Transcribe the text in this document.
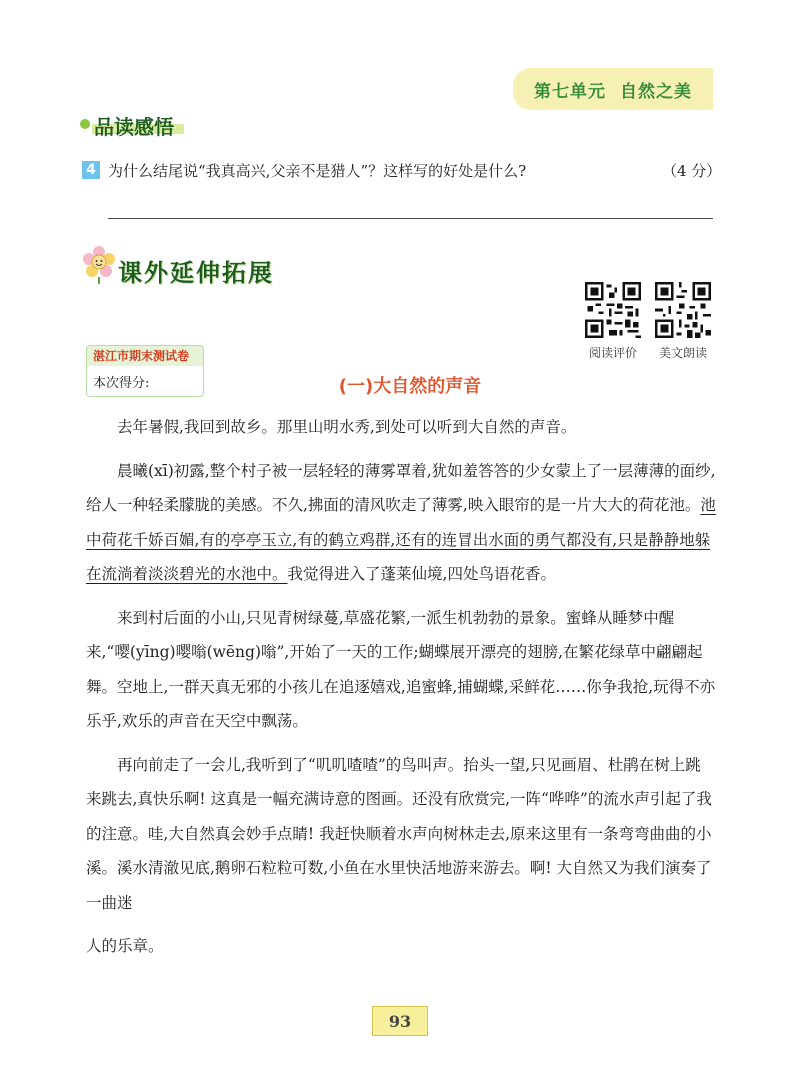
第七单元 自然之美
品读感悟
4 为什么结尾说“我真高兴,父亲不是猎人”？这样写的好处是什么?	（4 分）
课外延伸拓展
阅读评价	美文朗读
湛江市期末测试卷
本次得分:	(一)大自然的声音

去年暑假,我回到故乡。那里山明水秀,到处可以听到大自然的声音。

晨曦(xī)初露,整个村子被一层轻轻的薄雾罩着,犹如羞答答的少女蒙上了一层薄薄的面纱,给人一种轻柔朦胧的美感。不久,拂面的清风吹走了薄雾,映入眼帘的是一片大大的荷花池。池中荷花千娇百媚,有的亭亭玉立,有的鹤立鸡群,还有的连冒出水面的勇气都没有,只是静静地躲在流淌着淡淡碧光的水池中。我觉得进入了蓬莱仙境,四处鸟语花香。

来到村后面的小山,只见青树绿蔓,草盛花繁,一派生机勃勃的景象。蜜蜂从睡梦中醒来,“嘤(yīng)嘤嗡(wēng)嗡”,开始了一天的工作;蝴蝶展开漂亮的翅膀,在繁花绿草中翩翩起舞。空地上,一群天真无邪的小孩儿在追逐嬉戏,追蜜蜂,捕蝴蝶,采鲜花……你争我抢,玩得不亦乐乎,欢乐的声音在天空中飘荡。

再向前走了一会儿,我听到了“叽叽喳喳”的鸟叫声。抬头一望,只见画眉、杜鹃在树上跳来跳去,真快乐啊! 这真是一幅充满诗意的图画。还没有欣赏完,一阵“哗哗”的流水声引起了我的注意。哇,大自然真会妙手点睛! 我赶快顺着水声向树林走去,原来这里有一条弯弯曲曲的小溪。溪水清澈见底,鹅卵石粒粒可数,小鱼在水里快活地游来游去。啊! 大自然又为我们演奏了一曲迷

人的乐章。

93
